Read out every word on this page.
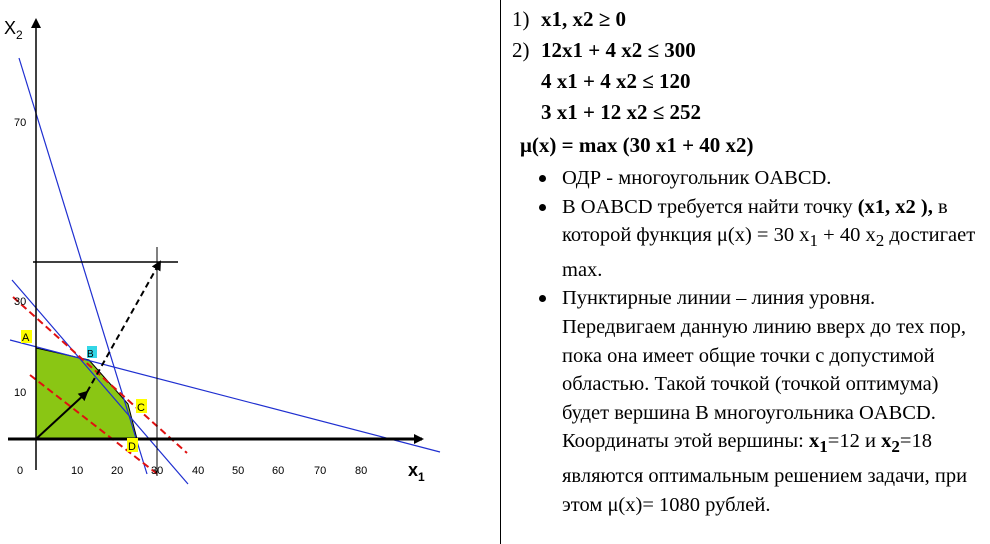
$X_2$
$x_1$
70
30
10
0	10	20	30	40	50	60	70	80
A
B
C
D
1) x1, x2 ≥ 0
2) 12x1 + 4 x2 ≤ 300
4 x1 + 4 x2 ≤ 120
3 x1 + 12 x2 ≤ 252
μ(x) = max (30 x1 + 40 x2)
ОДР - многоугольник OABCD.
В OABCD требуется найти точку (x1, x2 ), в которой функция μ(x) = 30 $x_1 + 40$ $x_2$ достигает max.
Пунктирные линии – линия уровня. Передвигаем данную линию вверх до тех пор, пока она имеет общие точки с допустимой областью. Такой точкой (точкой оптимума) будет вершина B многоугольника OABCD. Координаты этой вершины: $x_1=12$ и $x_2=18$ являются оптимальным решением задачи, при этом μ(x)= 1080 рублей.
